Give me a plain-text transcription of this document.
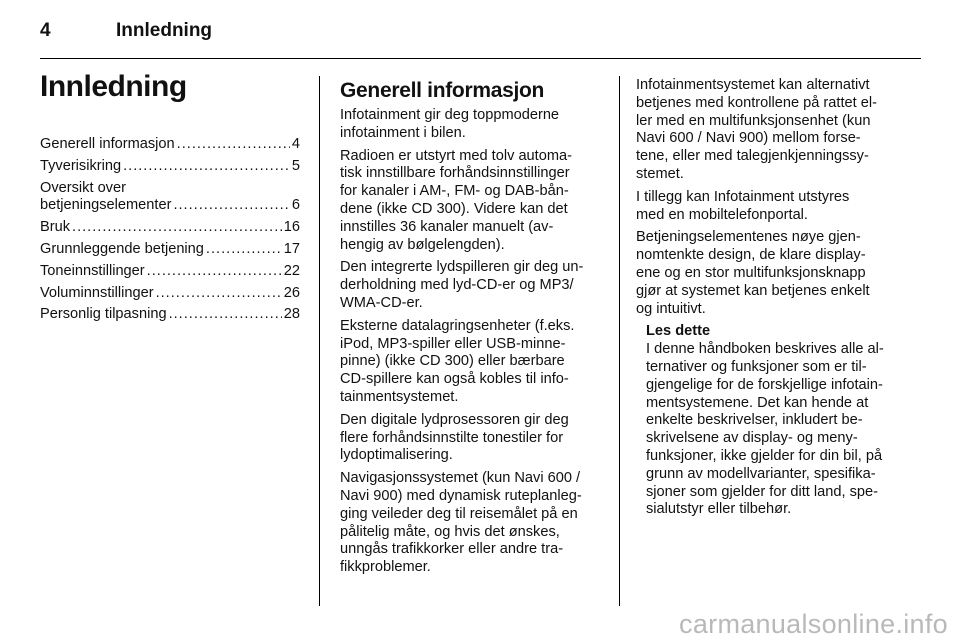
4	Innledning
Innledning
Generell informasjon .....	4
Tyverisikring .....	5
Oversikt over
betjeningselementer .....	6
Bruk .....	16
Grunnleggende betjening .....	17
Toneinnstillinger .....	22
Voluminnstillinger .....	26
Personlig tilpasning .....	28
Generell informasjon

Infotainment gir deg toppmoderne
infotainment i bilen.

Radioen er utstyrt med tolv automa-
tisk innstillbare forhåndsinnstillinger
for kanaler i AM-, FM- og DAB-bån-
dene (ikke CD 300). Videre kan det
innstilles 36 kanaler manuelt (av-
hengig av bølgelengden).

Den integrerte lydspilleren gir deg un-
derholdning med lyd-CD-er og MP3/
WMA-CD-er.

Eksterne datalagringsenheter (f.eks.
iPod, MP3-spiller eller USB-minne-
pinne) (ikke CD 300) eller bærbare
CD-spillere kan også kobles til info-
tainmentsystemet.

Den digitale lydprosessoren gir deg
flere forhåndsinnstilte tonestiler for
lydoptimalisering.

Navigasjonssystemet (kun Navi 600 /
Navi 900) med dynamisk ruteplanleg-
ging veileder deg til reisemålet på en
pålitelig måte, og hvis det ønskes,
unngås trafikkorker eller andre tra-
fikkproblemer.

Infotainmentsystemet kan alternativt
betjenes med kontrollene på rattet el-
ler med en multifunksjonsenhet (kun
Navi 600 / Navi 900) mellom forse-
tene, eller med talegjenkjenningssy-
stemet.

I tillegg kan Infotainment utstyres
med en mobiltelefonportal.

Betjeningselementenes nøye gjen-
nomtenkte design, de klare display-
ene og en stor multifunksjonsknapp
gjør at systemet kan betjenes enkelt
og intuitivt.

Les dette

I denne håndboken beskrives alle al-
ternativer og funksjoner som er til-
gjengelige for de forskjellige infotain-
mentsystemene. Det kan hende at
enkelte beskrivelser, inkludert be-
skrivelsene av display- og meny-
funksjoner, ikke gjelder for din bil, på
grunn av modellvarianter, spesifika-
sjoner som gjelder for ditt land, spe-
sialutstyr eller tilbehør.

carmanualsonline.info
